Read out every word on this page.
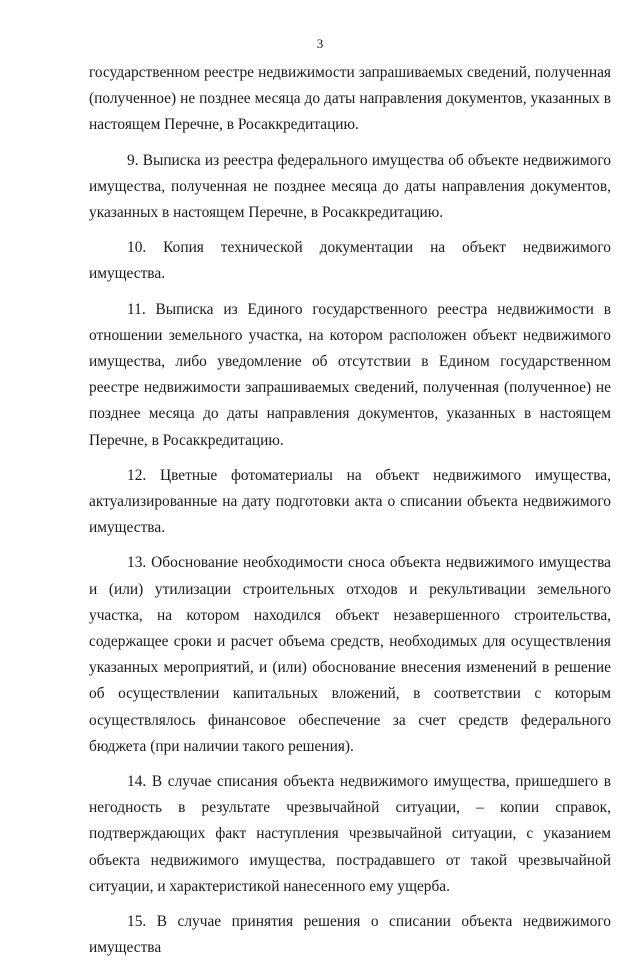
3

государственном реестре недвижимости запрашиваемых сведений, полученная (полученное) не позднее месяца до даты направления документов, указанных в настоящем Перечне, в Росаккредитацию.

9. Выписка из реестра федерального имущества об объекте недвижимого имущества, полученная не позднее месяца до даты направления документов, указанных в настоящем Перечне, в Росаккредитацию.

10. Копия технической документации на объект недвижимого имущества.

11. Выписка из Единого государственного реестра недвижимости в отношении земельного участка, на котором расположен объект недвижимого имущества, либо уведомление об отсутствии в Едином государственном реестре недвижимости запрашиваемых сведений, полученная (полученное) не позднее месяца до даты направления документов, указанных в настоящем Перечне, в Росаккредитацию.

12. Цветные фотоматериалы на объект недвижимого имущества, актуализированные на дату подготовки акта о списании объекта недвижимого имущества.

13. Обоснование необходимости сноса объекта недвижимого имущества и (или) утилизации строительных отходов и рекультивации земельного участка, на котором находился объект незавершенного строительства, содержащее сроки и расчет объема средств, необходимых для осуществления указанных мероприятий, и (или) обоснование внесения изменений в решение об осуществлении капитальных вложений, в соответствии с которым осуществлялось финансовое обеспечение за счет средств федерального бюджета (при наличии такого решения).

14. В случае списания объекта недвижимого имущества, пришедшего в негодность в результате чрезвычайной ситуации, – копии справок, подтверждающих факт наступления чрезвычайной ситуации, с указанием объекта недвижимого имущества, пострадавшего от такой чрезвычайной ситуации, и характеристикой нанесенного ему ущерба.

15. В случае принятия решения о списании объекта недвижимого имущества
